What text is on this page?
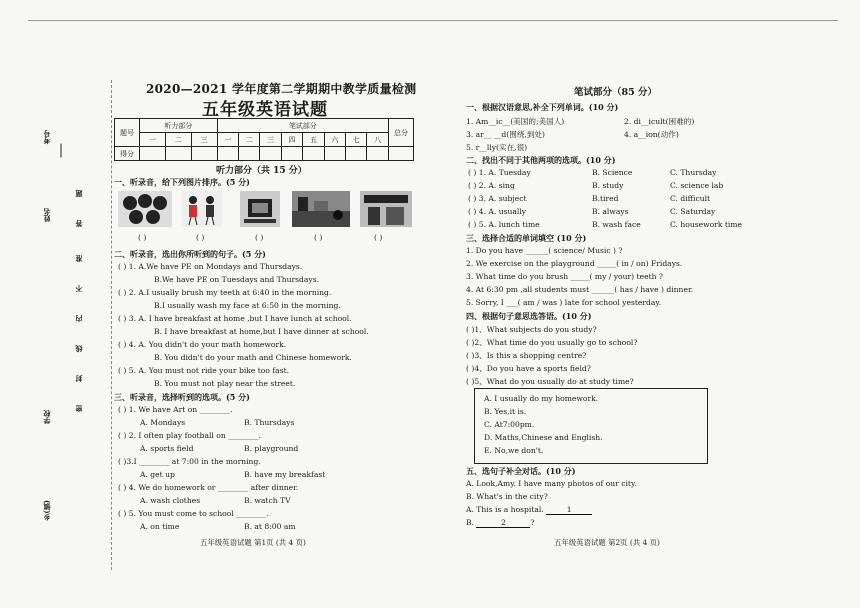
考号
姓名
学校
乡(镇)
题
答
准
不
内
线
封
密
2020—2021 学年度第二学期期中教学质量检测
五年级英语试题
题号	听力部分			笔试部分								总分
	一	二	三	一	二	三	四	五	六	七	八	
得分												
听力部分（共 15 分）
一、听录音，给下列图片排序。(5 分)
( )	( )	( )	( )	( )
二、听录音，选出你所听到的句子。(5 分)
( ) 1. A.We have PE on Mondays and Thursdays.
B.We have PE on Tuesdays and Thursdays.
( ) 2. A.I usually brush my teeth at 6:40 in the morning.
B.I usually wash my face at 6:50 in the morning.
( ) 3. A. I have breakfast at home ,but I have lunch at school.
B. I have breakfast at home,but I have dinner at school.
( ) 4. A. You didn't do your math homework.
B. You didn't do your math and Chinese homework.
( ) 5. A. You must not ride your bike too fast.
B. You must not play near the street.
三、听录音，选择听到的选项。(5 分)
( ) 1. We have Art on ________.
A. Mondays	B. Thursdays
( ) 2. I often play football on ________.
A. sports field	B. playground
( )3.I ________ at 7:00 in the morning.
A. get up	B. have my breakfast
( ) 4. We do homework or ________ after dinner.
A. wash clothes	B. watch TV
( ) 5. You must come to school ________.
A. on time	B. at 8:00 am
五年级英语试题 第1页 (共 4 页)
笔试部分（85 分）
一、根据汉语意思,补全下列单词。(10 分)
1. Am__ic__(美国的;美国人)	2. di__icult(困难的)
3. ar__ __d(围绕,到处)	4. a__ion(动作)
5. r__lly(实在,很)
二、找出不同于其他两项的选项。(10 分)
( ) 1. A. Tuesday	B. Science	C. Thursday
( ) 2. A. sing	B. study	C. science lab
( ) 3. A. subject	B.tired	C. difficult
( ) 4. A. usually	B. always	C. Saturday
( ) 5. A. lunch time	B. wash face	C. housework time
三、选择合适的单词填空 (10 分)
1. Do you have ______( science/ Music ) ?
2. We exercise on the playground _____( in / on) Fridays.
3. What time do you brush _____( my / your) teeth ?
4. At 6:30 pm ,all students must ______( has / have ) dinner.
5. Sorry, I ___( am / was ) late for school yesterday.
四、根据句子意思选答语。(10 分)
( )1、What subjects do you study?
( )2、What time do you usually go to school?
( )3、Is this a shopping centre?
( )4、Do you have a sports field?
( )5、What do you usually do at study time?
A. I usually do my homework.
B. Yes,it is.
C. At7:00pm.
D. Maths,Chinese and English.
E. No,we don't.
五、选句子补全对话。(10 分)
A. Look,Amy. I have many photos of our city.
B. What's in the city?
A. This is a hospital.	1
B.	2	?
五年级英语试题 第2页 (共 4 页)
